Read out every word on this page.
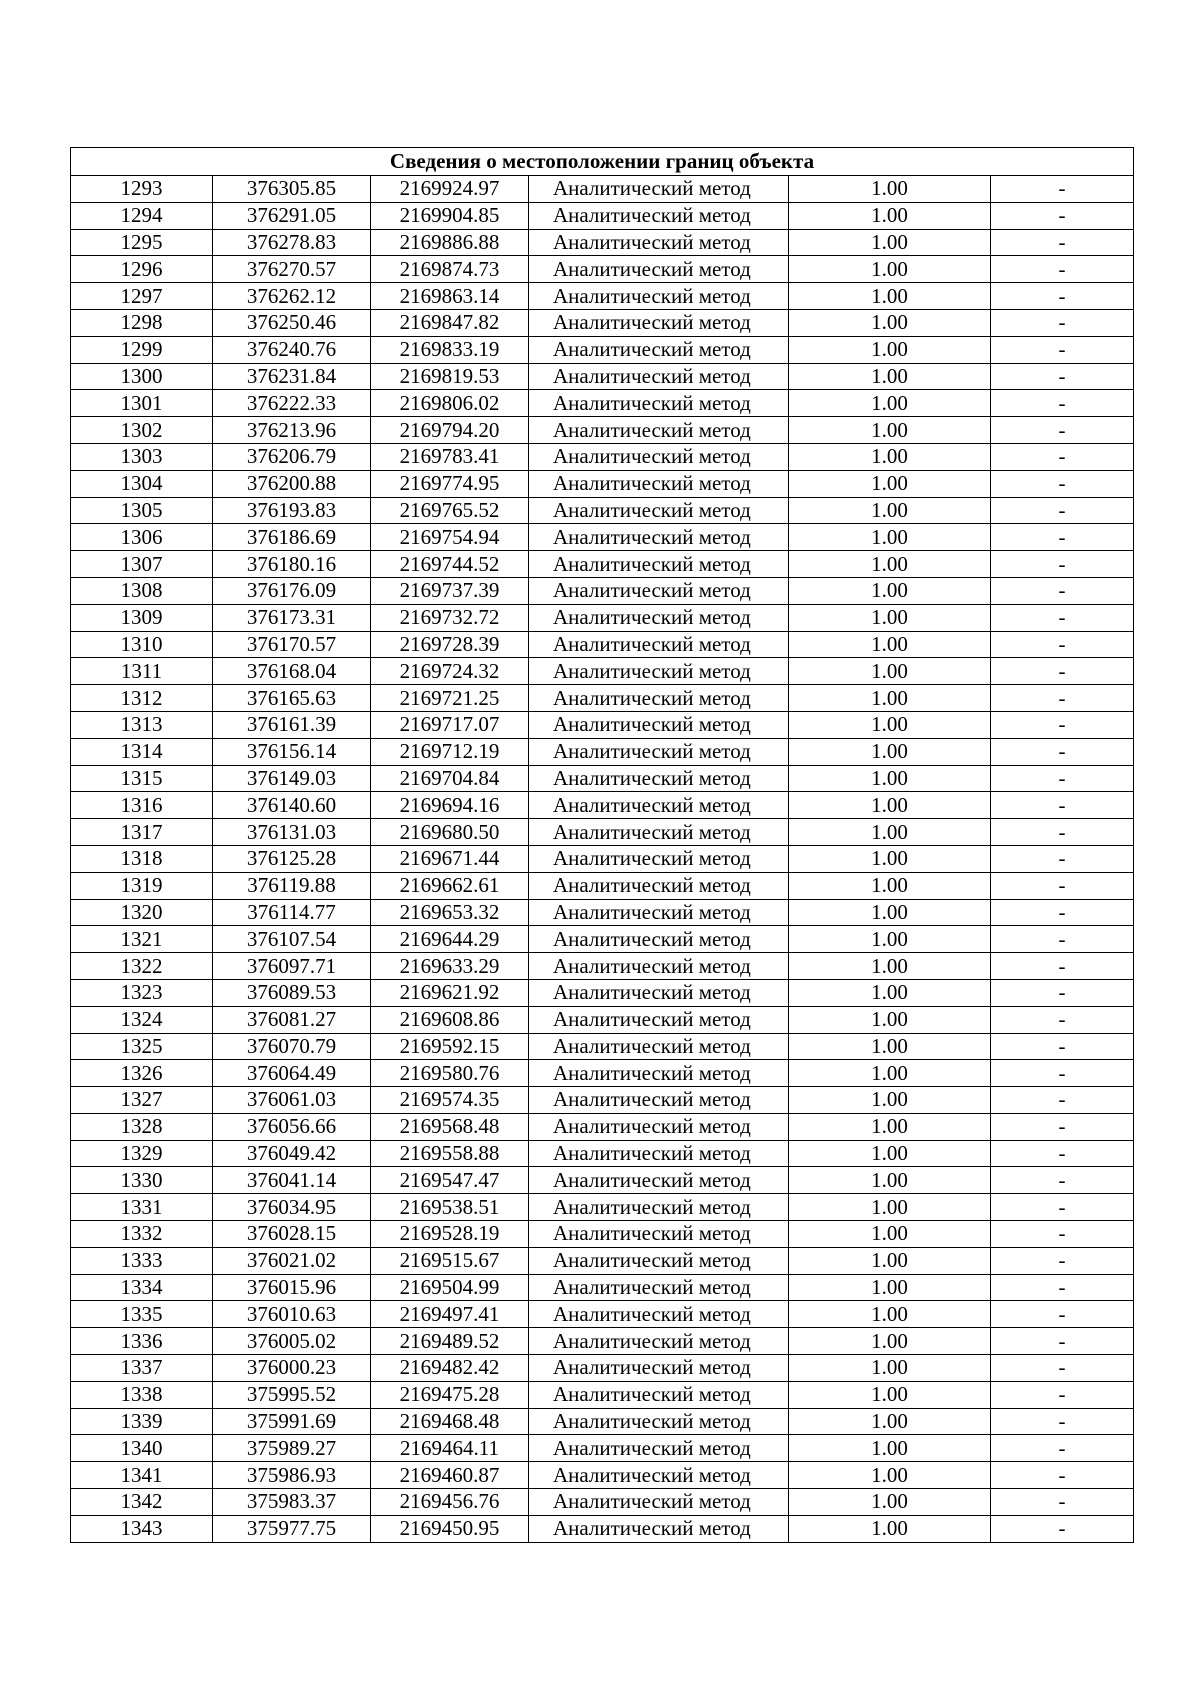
Сведения о местоположении границ объекта					
1293	376305.85	2169924.97	Аналитический метод	1.00	-
1294	376291.05	2169904.85	Аналитический метод	1.00	-
1295	376278.83	2169886.88	Аналитический метод	1.00	-
1296	376270.57	2169874.73	Аналитический метод	1.00	-
1297	376262.12	2169863.14	Аналитический метод	1.00	-
1298	376250.46	2169847.82	Аналитический метод	1.00	-
1299	376240.76	2169833.19	Аналитический метод	1.00	-
1300	376231.84	2169819.53	Аналитический метод	1.00	-
1301	376222.33	2169806.02	Аналитический метод	1.00	-
1302	376213.96	2169794.20	Аналитический метод	1.00	-
1303	376206.79	2169783.41	Аналитический метод	1.00	-
1304	376200.88	2169774.95	Аналитический метод	1.00	-
1305	376193.83	2169765.52	Аналитический метод	1.00	-
1306	376186.69	2169754.94	Аналитический метод	1.00	-
1307	376180.16	2169744.52	Аналитический метод	1.00	-
1308	376176.09	2169737.39	Аналитический метод	1.00	-
1309	376173.31	2169732.72	Аналитический метод	1.00	-
1310	376170.57	2169728.39	Аналитический метод	1.00	-
1311	376168.04	2169724.32	Аналитический метод	1.00	-
1312	376165.63	2169721.25	Аналитический метод	1.00	-
1313	376161.39	2169717.07	Аналитический метод	1.00	-
1314	376156.14	2169712.19	Аналитический метод	1.00	-
1315	376149.03	2169704.84	Аналитический метод	1.00	-
1316	376140.60	2169694.16	Аналитический метод	1.00	-
1317	376131.03	2169680.50	Аналитический метод	1.00	-
1318	376125.28	2169671.44	Аналитический метод	1.00	-
1319	376119.88	2169662.61	Аналитический метод	1.00	-
1320	376114.77	2169653.32	Аналитический метод	1.00	-
1321	376107.54	2169644.29	Аналитический метод	1.00	-
1322	376097.71	2169633.29	Аналитический метод	1.00	-
1323	376089.53	2169621.92	Аналитический метод	1.00	-
1324	376081.27	2169608.86	Аналитический метод	1.00	-
1325	376070.79	2169592.15	Аналитический метод	1.00	-
1326	376064.49	2169580.76	Аналитический метод	1.00	-
1327	376061.03	2169574.35	Аналитический метод	1.00	-
1328	376056.66	2169568.48	Аналитический метод	1.00	-
1329	376049.42	2169558.88	Аналитический метод	1.00	-
1330	376041.14	2169547.47	Аналитический метод	1.00	-
1331	376034.95	2169538.51	Аналитический метод	1.00	-
1332	376028.15	2169528.19	Аналитический метод	1.00	-
1333	376021.02	2169515.67	Аналитический метод	1.00	-
1334	376015.96	2169504.99	Аналитический метод	1.00	-
1335	376010.63	2169497.41	Аналитический метод	1.00	-
1336	376005.02	2169489.52	Аналитический метод	1.00	-
1337	376000.23	2169482.42	Аналитический метод	1.00	-
1338	375995.52	2169475.28	Аналитический метод	1.00	-
1339	375991.69	2169468.48	Аналитический метод	1.00	-
1340	375989.27	2169464.11	Аналитический метод	1.00	-
1341	375986.93	2169460.87	Аналитический метод	1.00	-
1342	375983.37	2169456.76	Аналитический метод	1.00	-
1343	375977.75	2169450.95	Аналитический метод	1.00	-
